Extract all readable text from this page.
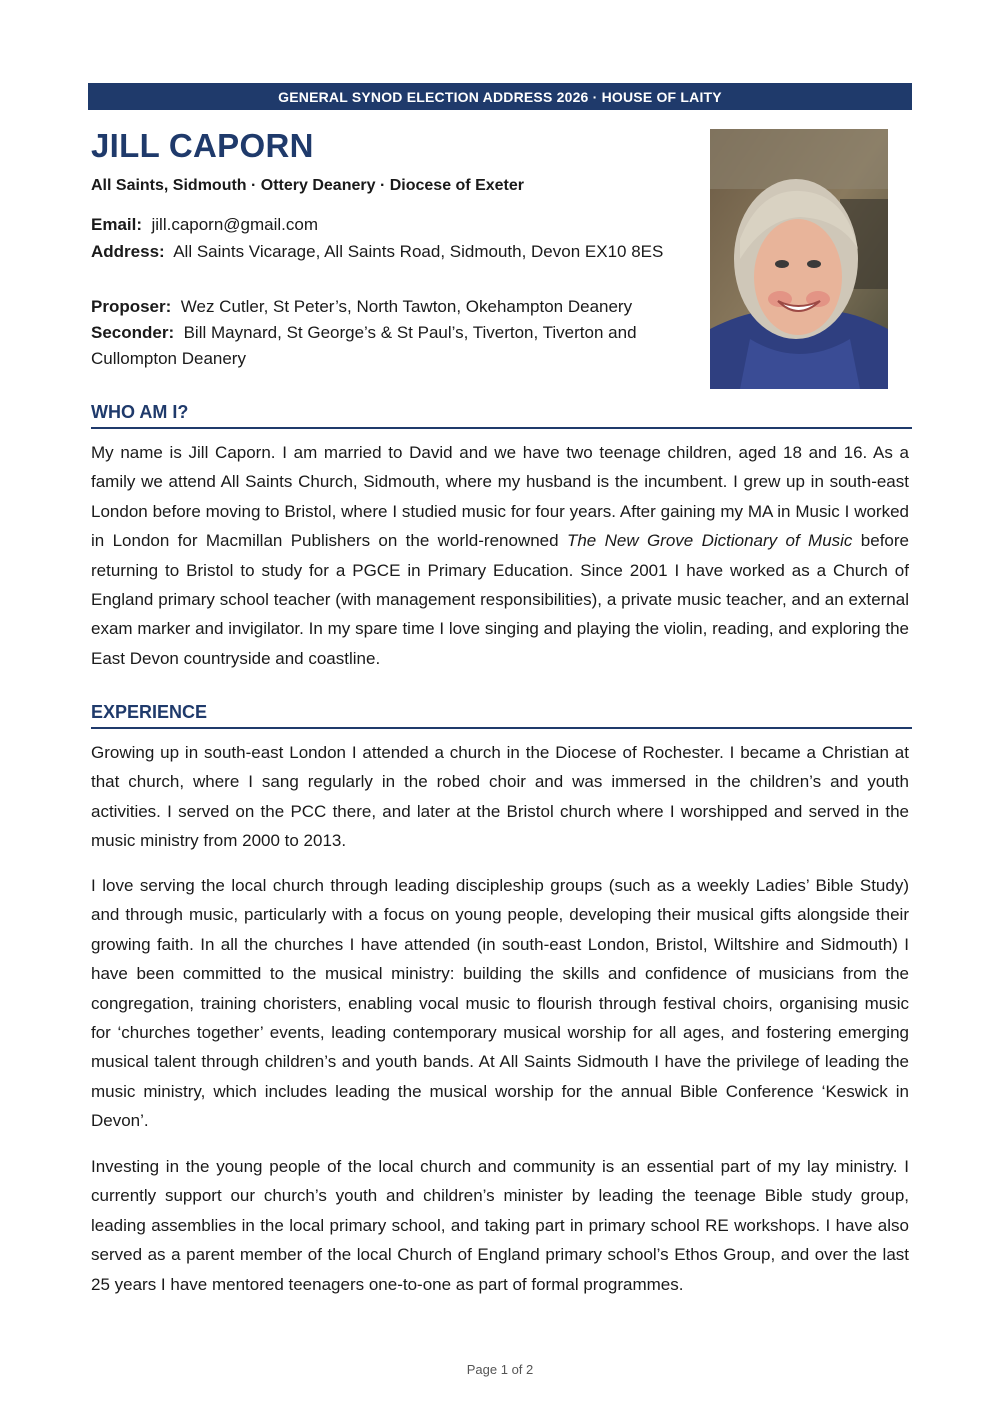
GENERAL SYNOD ELECTION ADDRESS 2026 · HOUSE OF LAITY
JILL CAPORN
All Saints, Sidmouth · Ottery Deanery · Diocese of Exeter
Email: jill.caporn@gmail.com
Address: All Saints Vicarage, All Saints Road, Sidmouth, Devon EX10 8ES
Proposer: Wez Cutler, St Peter’s, North Tawton, Okehampton Deanery
Seconder: Bill Maynard, St George’s & St Paul’s, Tiverton, Tiverton and Cullompton Deanery
WHO AM I?
My name is Jill Caporn. I am married to David and we have two teenage children, aged 18 and 16. As a family we attend All Saints Church, Sidmouth, where my husband is the incumbent. I grew up in south-east London before moving to Bristol, where I studied music for four years. After gaining my MA in Music I worked in London for Macmillan Publishers on the world-renowned The New Grove Dictionary of Music before returning to Bristol to study for a PGCE in Primary Education. Since 2001 I have worked as a Church of England primary school teacher (with management responsibilities), a private music teacher, and an external exam marker and invigilator. In my spare time I love singing and playing the violin, reading, and exploring the East Devon countryside and coastline.
EXPERIENCE
Growing up in south-east London I attended a church in the Diocese of Rochester. I became a Christian at that church, where I sang regularly in the robed choir and was immersed in the children’s and youth activities. I served on the PCC there, and later at the Bristol church where I worshipped and served in the music ministry from 2000 to 2013.
I love serving the local church through leading discipleship groups (such as a weekly Ladies’ Bible Study) and through music, particularly with a focus on young people, developing their musical gifts alongside their growing faith. In all the churches I have attended (in south-east London, Bristol, Wiltshire and Sidmouth) I have been committed to the musical ministry: building the skills and confidence of musicians from the congregation, training choristers, enabling vocal music to flourish through festival choirs, organising music for ‘churches together’ events, leading contemporary musical worship for all ages, and fostering emerging musical talent through children’s and youth bands. At All Saints Sidmouth I have the privilege of leading the music ministry, which includes leading the musical worship for the annual Bible Conference ‘Keswick in Devon’.
Investing in the young people of the local church and community is an essential part of my lay ministry. I currently support our church’s youth and children’s minister by leading the teenage Bible study group, leading assemblies in the local primary school, and taking part in primary school RE workshops. I have also served as a parent member of the local Church of England primary school’s Ethos Group, and over the last 25 years I have mentored teenagers one-to-one as part of formal programmes.
Page 1 of 2
